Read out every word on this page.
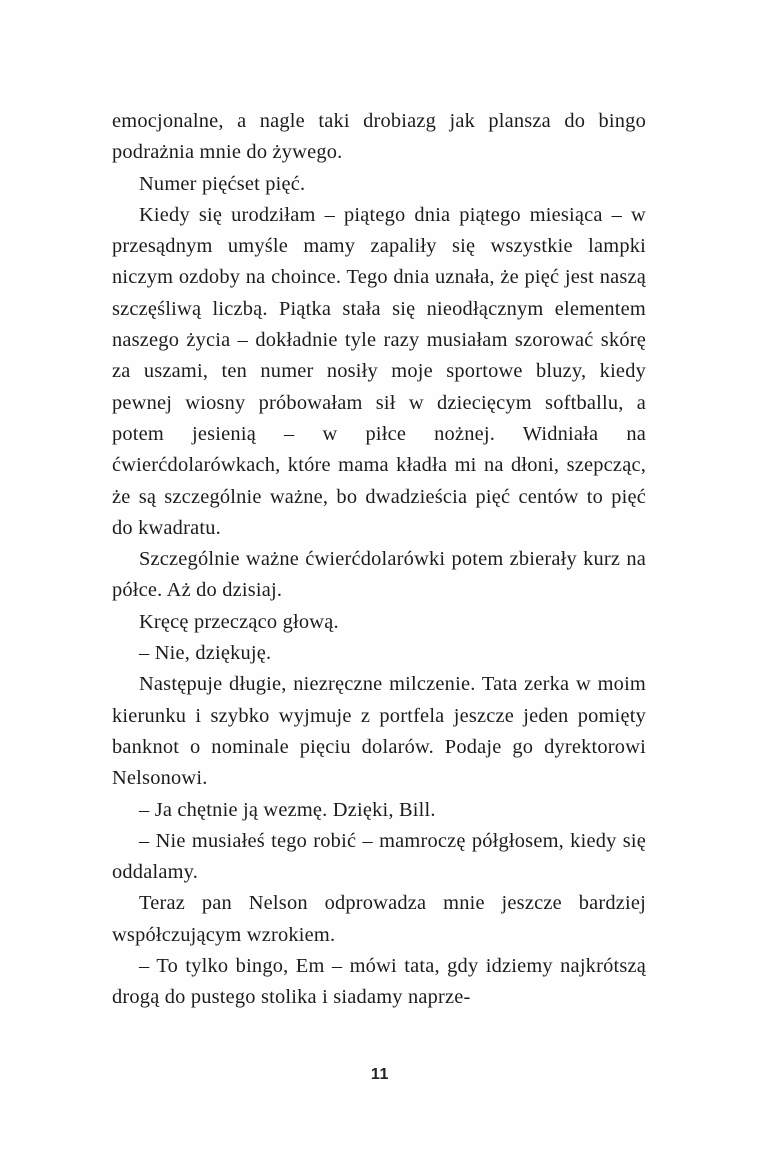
emocjonalne, a nagle taki drobiazg jak plansza do bingo podrażnia mnie do żywego.

Numer pięćset pięć.

Kiedy się urodziłam – piątego dnia piątego miesiąca – w przesądnym umyśle mamy zapaliły się wszystkie lampki niczym ozdoby na choince. Tego dnia uznała, że pięć jest naszą szczęśliwą liczbą. Piątka stała się nieodłącznym elementem naszego życia – dokładnie tyle razy musiałam szorować skórę za uszami, ten numer nosiły moje sportowe bluzy, kiedy pewnej wiosny próbowałam sił w dziecięcym softballu, a potem jesienią – w piłce nożnej. Widniała na ćwierćdolarówkach, które mama kładła mi na dłoni, szepcząc, że są szczególnie ważne, bo dwadzieścia pięć centów to pięć do kwadratu.

Szczególnie ważne ćwierćdolarówki potem zbierały kurz na półce. Aż do dzisiaj.

Kręcę przecząco głową.

– Nie, dziękuję.

Następuje długie, niezręczne milczenie. Tata zerka w moim kierunku i szybko wyjmuje z portfela jeszcze jeden pomięty banknot o nominale pięciu dolarów. Podaje go dyrektorowi Nelsonowi.

– Ja chętnie ją wezmę. Dzięki, Bill.

– Nie musiałeś tego robić – mamroczę półgłosem, kiedy się oddalamy.

Teraz pan Nelson odprowadza mnie jeszcze bardziej współczującym wzrokiem.

– To tylko bingo, Em – mówi tata, gdy idziemy najkrótszą drogą do pustego stolika i siadamy naprze-

11
